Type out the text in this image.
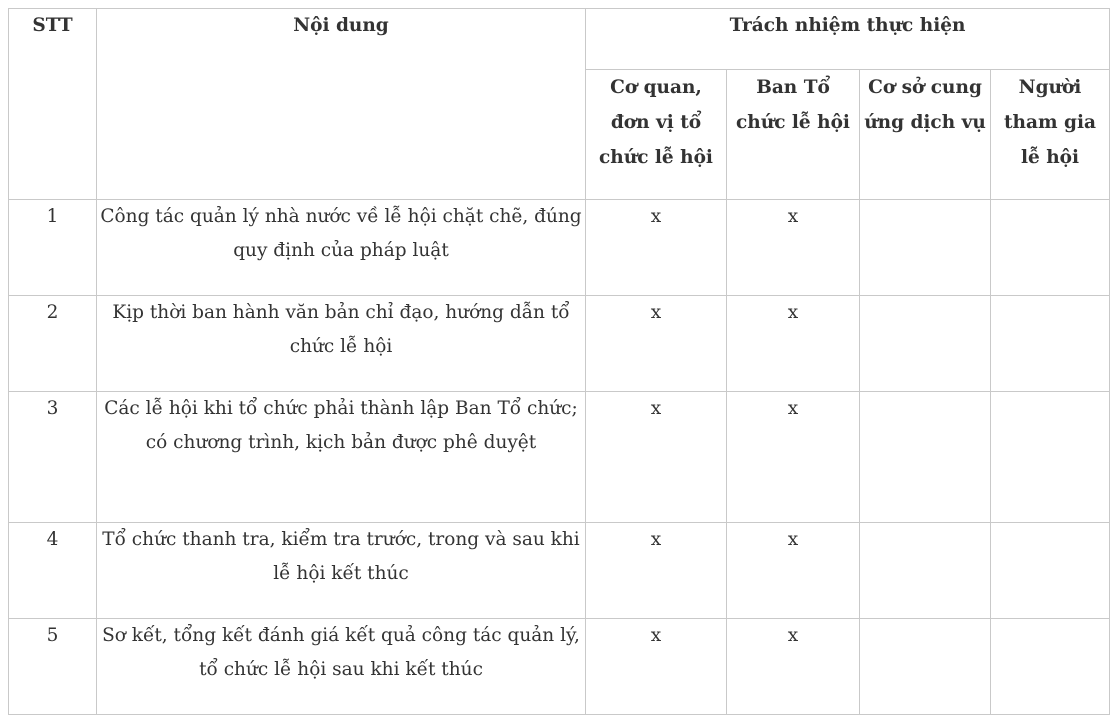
STT	Nội dung	Trách nhiệm thực hiện			
		Cơ quan, đơn vị tổ chức lễ hội	Ban Tổ chức lễ hội	Cơ sở cung ứng dịch vụ	Người tham gia lễ hội
1	Công tác quản lý nhà nước về lễ hội chặt chẽ, đúng quy định của pháp luật	x	x		
2	Kịp thời ban hành văn bản chỉ đạo, hướng dẫn tổ chức lễ hội	x	x		
3	Các lễ hội khi tổ chức phải thành lập Ban Tổ chức; có chương trình, kịch bản được phê duyệt	x	x		
4	Tổ chức thanh tra, kiểm tra trước, trong và sau khi lễ hội kết thúc	x	x		
5	Sơ kết, tổng kết đánh giá kết quả công tác quản lý, tổ chức lễ hội sau khi kết thúc	x	x		
